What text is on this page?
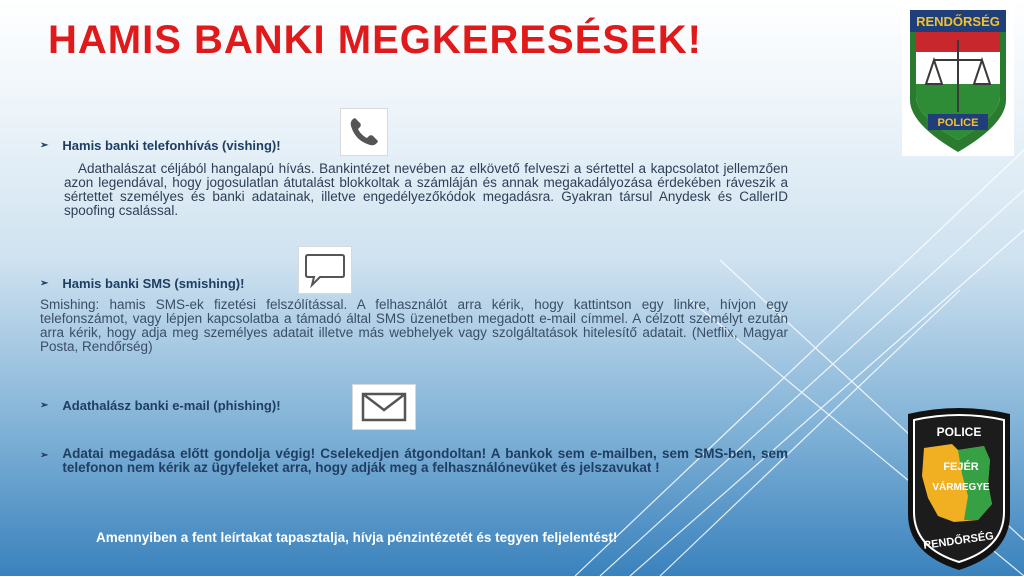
HAMIS BANKI MEGKERESÉSEK!
➢ Hamis banki telefonhívás (vishing)!
Adathalászat céljából hangalapú hívás. Bankintézet nevében az elkövető felveszi a sértettel a kapcsolatot jellemzően azon legendával, hogy jogosulatlan átutalást blokkoltak a számláján és annak megakadályozása érdekében ráveszik a sértettet személyes és banki adatainak, illetve engedélyezőkódok megadásra. Gyakran társul Anydesk és CallerID spoofing csalással.
➢ Hamis banki SMS (smishing)!
Smishing: hamis SMS-ek fizetési felszólítással. A felhasználót arra kérik, hogy kattintson egy linkre, hívjon egy telefonszámot, vagy lépjen kapcsolatba a támadó által SMS üzenetben megadott e-mail címmel. A célzott személyt ezután arra kérik, hogy adja meg személyes adatait illetve más webhelyek vagy szolgáltatások hitelesítő adatait. (Netflix, Magyar Posta, Rendőrség)
➢ Adathalász banki e-mail (phishing)!
➢ Adatai megadása előtt gondolja végig! Cselekedjen átgondoltan! A bankok sem e-mailben, sem SMS-ben, sem telefonon nem kérik az ügyfeleket arra, hogy adják meg a felhasználónevüket és jelszavukat !
Amennyiben a fent leírtakat tapasztalja, hívja pénzintézetét és tegyen feljelentést!
RENDŐRSÉG
POLICE
POLICE
FEJÉR
VÁRMEGYE
RENDŐRSÉG
